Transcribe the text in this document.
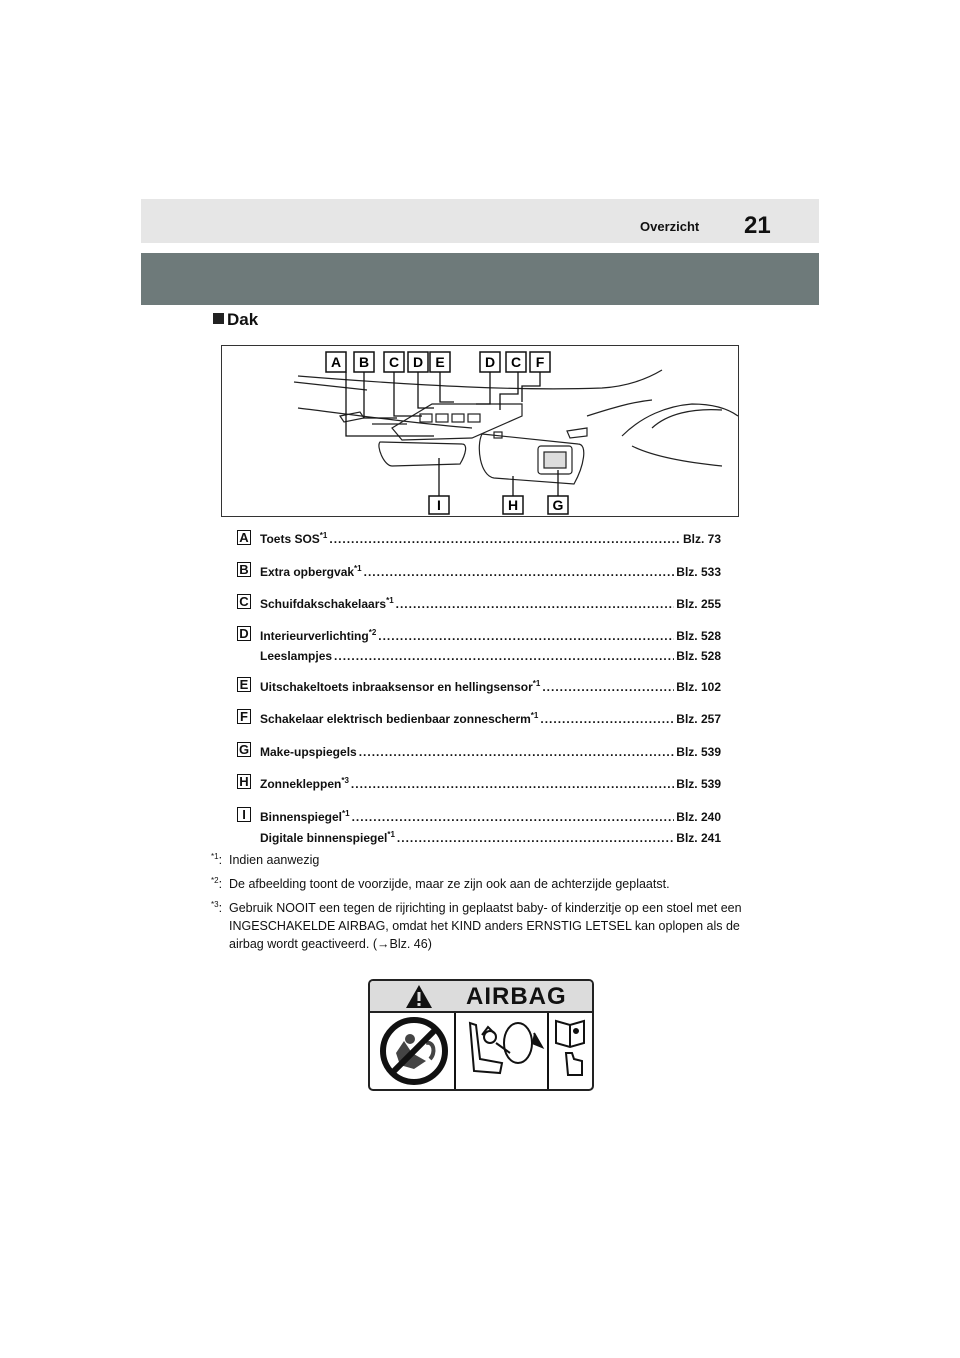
Overzicht 21
Dak
A B C D E	D C F
I	H G
A Toets SOS$^{*1}$ .....	Blz. 73
B Extra opbergvak$^{*1}$ .....	Blz. 533
C Schuifdakschakelaars$^{*1}$ .....	Blz. 255
D Interieurverlichting$^{*2}$ .....	Blz. 528
Leeslampjes .....	Blz. 528
E Uitschakeltoets inbraaksensor en hellingsensor$^{*1}$ .....	Blz. 102
F Schakelaar elektrisch bedienbaar zonnescherm$^{*1}$ .....	Blz. 257
G Make-upspiegels .....	Blz. 539
H Zonnekleppen$^{*3}$ .....	Blz. 539
I	Binnenspiegel$^{*1}$ .....	Blz. 240
Digitale binnenspiegel$^{*1}$ .....	Blz. 241
$^{*1}$: Indien aanwezig
$^{*2}$: De afbeelding toont de voorzijde, maar ze zijn ook aan de achterzijde geplaatst.
$^{*3}$: Gebruik NOOIT een tegen de rijrichting in geplaatst baby- of kinderzitje op een stoel met een INGESCHAKELDE AIRBAG, omdat het KIND anders ERNSTIG LETSEL kan oplopen als de airbag wordt geactiveerd. (→Blz. 46)
AIRBAG
